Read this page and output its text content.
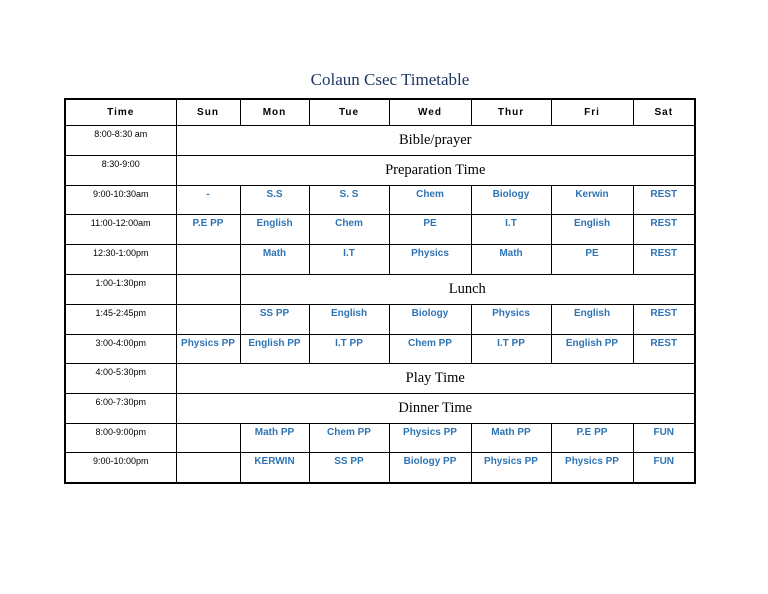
Colaun Csec Timetable
Time	Sun	Mon	Tue	Wed	Thur	Fri	Sat
8:00-8:30 am	Bible/prayer						
8:30-9:00	Preparation Time						
9:00-10:30am	-	S.S	S. S	Chem	Biology	Kerwin	REST
11:00-12:00am	P.E PP	English	Chem	PE	I.T	English	REST
12:30-1:00pm		Math	I.T	Physics	Math	PE	REST
1:00-1:30pm		Lunch					
1:45-2:45pm		SS PP	English	Biology	Physics	English	REST
3:00-4:00pm	Physics PP	English PP	I.T PP	Chem PP	I.T PP	English PP	REST
4:00-5:30pm	Play Time						
6:00-7:30pm	Dinner Time						
8:00-9:00pm		Math PP	Chem PP	Physics PP	Math PP	P.E PP	FUN
9:00-10:00pm		KERWIN	SS PP	Biology PP	Physics PP	Physics PP	FUN
